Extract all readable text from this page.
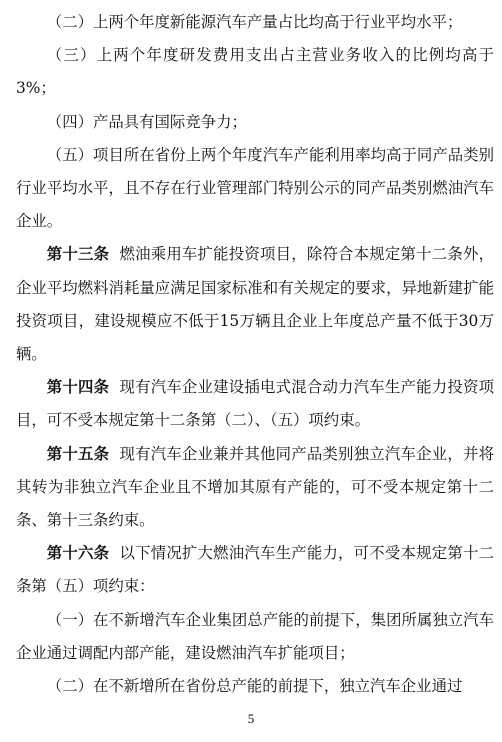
（二）上两个年度新能源汽车产量占比均高于行业平均水平；

（三）上两个年度研发费用支出占主营业务收入的比例均高于3%；

（四）产品具有国际竞争力；

（五）项目所在省份上两个年度汽车产能利用率均高于同产品类别行业平均水平，且不存在行业管理部门特别公示的同产品类别燃油汽车企业。

第十三条 燃油乘用车扩能投资项目，除符合本规定第十二条外，企业平均燃料消耗量应满足国家标准和有关规定的要求，异地新建扩能投资项目，建设规模应不低于15万辆且企业上年度总产量不低于30万辆。

第十四条 现有汽车企业建设插电式混合动力汽车生产能力投资项目，可不受本规定第十二条第（二）、（五）项约束。

第十五条 现有汽车企业兼并其他同产品类别独立汽车企业，并将其转为非独立汽车企业且不增加其原有产能的，可不受本规定第十二条、第十三条约束。

第十六条 以下情况扩大燃油汽车生产能力，可不受本规定第十二条第（五）项约束：

（一）在不新增汽车企业集团总产能的前提下，集团所属独立汽车企业通过调配内部产能，建设燃油汽车扩能项目；

（二）在不新增所在省份总产能的前提下，独立汽车企业通过

5
